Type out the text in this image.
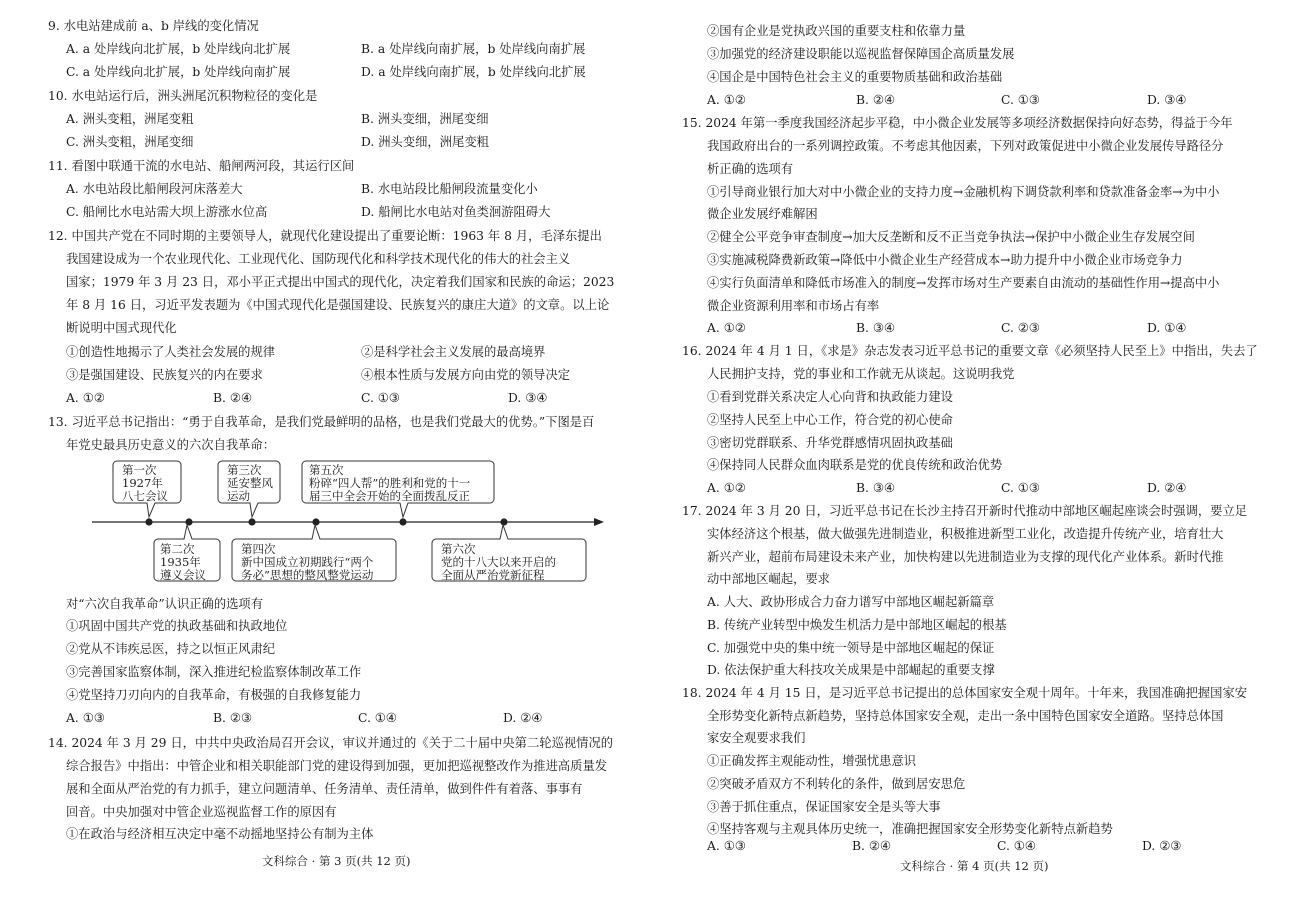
9. 水电站建成前 a、b 岸线的变化情况
A. a 处岸线向北扩展，b 处岸线向北扩展	B. a 处岸线向南扩展，b 处岸线向南扩展
C. a 处岸线向北扩展，b 处岸线向南扩展	D. a 处岸线向南扩展，b 处岸线向北扩展
10. 水电站运行后，洲头洲尾沉积物粒径的变化是
A. 洲头变粗，洲尾变粗	B. 洲头变细，洲尾变细
C. 洲头变粗，洲尾变细	D. 洲头变细，洲尾变粗
11. 看图中联通干流的水电站、船闸两河段，其运行区间
A. 水电站段比船闸段河床落差大	B. 水电站段比船闸段流量变化小
C. 船闸比水电站需大坝上游涨水位高	D. 船闸比水电站对鱼类洄游阻碍大
12. 中国共产党在不同时期的主要领导人，就现代化建设提出了重要论断：1963 年 8 月，毛泽东提出
我国建设成为一个农业现代化、工业现代化、国防现代化和科学技术现代化的伟大的社会主义
国家；1979 年 3 月 23 日，邓小平正式提出中国式的现代化，决定着我们国家和民族的命运；2023
年 8 月 16 日，习近平发表题为《中国式现代化是强国建设、民族复兴的康庄大道》的文章。以上论
断说明中国式现代化
①创造性地揭示了人类社会发展的规律	②是科学社会主义发展的最高境界
③是强国建设、民族复兴的内在要求	④根本性质与发展方向由党的领导决定
A. ①②	B. ②④	C. ①③	D. ③④
13. 习近平总书记指出：“勇于自我革命，是我们党最鲜明的品格，也是我们党最大的优势。”下图是百
年党史最具历史意义的六次自我革命：
第一次
1927年
八七会议
第三次
延安整风
运动
第五次
粉碎“四人帮”的胜利和党的十一
届三中全会开始的全面拨乱反正
第二次
1935年
遵义会议
第四次
新中国成立初期践行“两个
务必”思想的整风整党运动
第六次
党的十八大以来开启的
全面从严治党新征程
对“六次自我革命”认识正确的选项有
①巩固中国共产党的执政基础和执政地位
②党从不讳疾忌医，持之以恒正风肃纪
③完善国家监察体制，深入推进纪检监察体制改革工作
④党坚持刀刃向内的自我革命，有极强的自我修复能力
A. ①③	B. ②③	C. ①④	D. ②④
14. 2024 年 3 月 29 日，中共中央政治局召开会议，审议并通过的《关于二十届中央第二轮巡视情况的
综合报告》中指出：中管企业和相关职能部门党的建设得到加强，更加把巡视整改作为推进高质量发
展和全面从严治党的有力抓手，建立问题清单、任务清单、责任清单，做到件件有着落、事事有
回音。中央加强对中管企业巡视监督工作的原因有
①在政治与经济相互决定中毫不动摇地坚持公有制为主体
文科综合 · 第 3 页(共 12 页)
②国有企业是党执政兴国的重要支柱和依靠力量
③加强党的经济建设职能以巡视监督保障国企高质量发展
④国企是中国特色社会主义的重要物质基础和政治基础
A. ①②	B. ②④	C. ①③	D. ③④
15. 2024 年第一季度我国经济起步平稳，中小微企业发展等多项经济数据保持向好态势，得益于今年
我国政府出台的一系列调控政策。不考虑其他因素，下列对政策促进中小微企业发展传导路径分
析正确的选项有
①引导商业银行加大对中小微企业的支持力度→金融机构下调贷款利率和贷款准备金率→为中小
微企业发展纾难解困
②健全公平竞争审查制度→加大反垄断和反不正当竞争执法→保护中小微企业生存发展空间
③实施减税降费新政策→降低中小微企业生产经营成本→助力提升中小微企业市场竞争力
④实行负面清单和降低市场准入的制度→发挥市场对生产要素自由流动的基础性作用→提高中小
微企业资源利用率和市场占有率
A. ①②	B. ③④	C. ②③	D. ①④
16. 2024 年 4 月 1 日，《求是》杂志发表习近平总书记的重要文章《必须坚持人民至上》中指出，失去了
人民拥护支持，党的事业和工作就无从谈起。这说明我党
①看到党群关系决定人心向背和执政能力建设
②坚持人民至上中心工作，符合党的初心使命
③密切党群联系、升华党群感情巩固执政基础
④保持同人民群众血肉联系是党的优良传统和政治优势
A. ①②	B. ③④	C. ①③	D. ②④
17. 2024 年 3 月 20 日，习近平总书记在长沙主持召开新时代推动中部地区崛起座谈会时强调，要立足
实体经济这个根基，做大做强先进制造业，积极推进新型工业化，改造提升传统产业，培育壮大
新兴产业，超前布局建设未来产业，加快构建以先进制造业为支撑的现代化产业体系。新时代推
动中部地区崛起，要求
A. 人大、政协形成合力奋力谱写中部地区崛起新篇章
B. 传统产业转型中焕发生机活力是中部地区崛起的根基
C. 加强党中央的集中统一领导是中部地区崛起的保证
D. 依法保护重大科技攻关成果是中部崛起的重要支撑
18. 2024 年 4 月 15 日，是习近平总书记提出的总体国家安全观十周年。十年来，我国准确把握国家安
全形势变化新特点新趋势，坚持总体国家安全观，走出一条中国特色国家安全道路。坚持总体国
家安全观要求我们
①正确发挥主观能动性，增强忧患意识
②突破矛盾双方不利转化的条件，做到居安思危
③善于抓住重点，保证国家安全是头等大事
④坚持客观与主观具体历史统一，准确把握国家安全形势变化新特点新趋势
A. ①③	B. ②④	C. ①④	D. ②③
文科综合 · 第 4 页(共 12 页)
